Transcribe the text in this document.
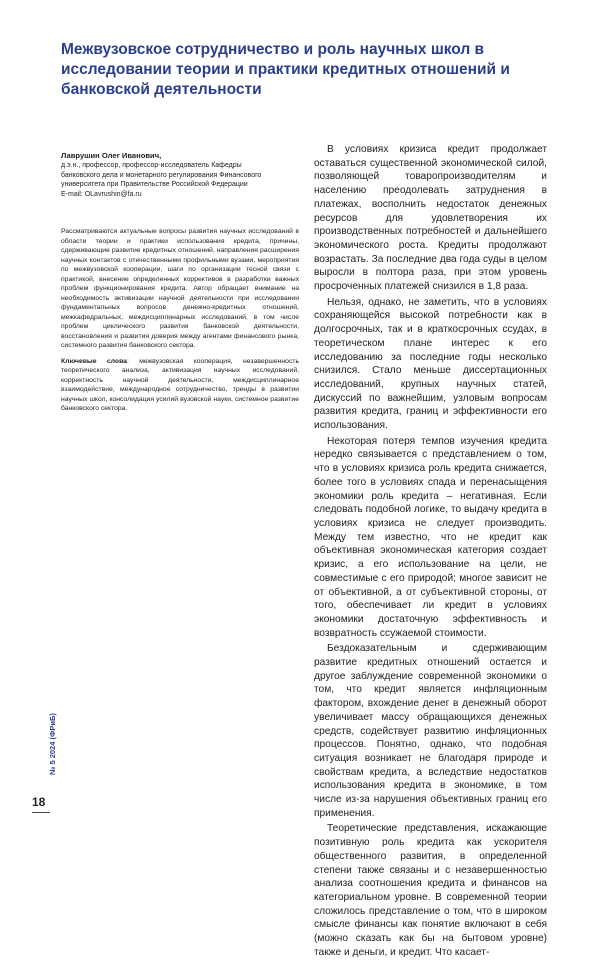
Межвузовское сотрудничество и роль научных школ в исследовании теории и практики кредитных отношений и банковской деятельности

Лаврушин Олег Иванович,

д.э.н., профессор, профессор-исследователь Кафедры

банковского дела и монетарного регулирования Финансового

университета при Правительстве Российской Федерации

E-mail: OLavrushin@fa.ru

Рассматриваются актуальные вопросы развития научных исследований в области теории и практики использования кредита, причины, сдерживающие развитие кредитных отношений, направления расширения научных контактов с отечественными профильными вузами, мероприятия по межвузовской кооперации, шаги по организации тесной связи с практикой, внесение определенных коррективов в разработки важных проблем функционирования кредита. Автор обращает внимание на необходимость активизации научной деятельности при исследовании фундаментальных вопросов денежно-кредитных отношений, межкафедральных, междисциплинарных исследований, в том числе проблем циклического развития банковской деятельности, восстановления и развития доверия между агентами финансового рынка, системного развития банковского сектора.

Ключевые слова: межвузовская кооперация, незавершенность теоретического анализа, активизация научных исследований, корректность научной деятельности, междисциплинарное взаимодействие, международное сотрудничество, тренды в развитии научных школ, консолидация усилий вузовской науки, системное развитие банковского сектора.

В условиях кризиса кредит продолжает оставаться существенной экономической силой, позволяющей товаропроизводителям и населению преодолевать затруднения в платежах, восполнить недостаток денежных ресурсов для удовлетворения их производственных потребностей и дальнейшего экономического роста. Кредиты продолжают возрастать. За последние два года суды в целом выросли в полтора раза, при этом уровень просроченных платежей снизился в 1,8 раза.

Нельзя, однако, не заметить, что в условиях сохраняющейся высокой потребности как в долгосрочных, так и в краткосрочных ссудах, в теоретическом плане интерес к его исследованию за последние годы несколько снизился. Стало меньше диссертационных исследований, крупных научных статей, дискуссий по важнейшим, узловым вопросам развития кредита, границ и эффективности его использования.

Некоторая потеря темпов изучения кредита нередко связывается с представлением о том, что в условиях кризиса роль кредита снижается, более того в условиях спада и перенасыщения экономики роль кредита – негативная. Если следовать подобной логике, то выдачу кредита в условиях кризиса не следует производить. Между тем известно, что не кредит как объективная экономическая категория создает кризис, а его использование на цели, не совместимые с его природой; многое зависит не от объективной, а от субъективной стороны, от того, обеспечивает ли кредит в условиях экономики достаточную эффективность и возвратность ссужаемой стоимости.

Бездоказательным и сдерживающим развитие кредитных отношений остается и другое заблуждение современной экономики о том, что кредит является инфляционным фактором, вхождение денег в денежный оборот увеличивает массу обращающихся денежных средств, содействует развитию инфляционных процессов. Понятно, однако, что подобная ситуация возникает не благодаря природе и свойствам кредита, а вследствие недостатков использования кредита в экономике, в том числе из-за нарушения объективных границ его применения.

Теоретические представления, искажающие позитивную роль кредита как ускорителя общественного развития, в определенной степени также связаны и с незавершенностью анализа соотношения кредита и финансов на категориальном уровне. В современной теории сложилось представление о том, что в широком смысле финансы как понятие включают в себя (можно сказать как бы на бытовом уровне) также и деньги, и кредит. Что касает-

№ 5 2024 (ФРиБ)
18
